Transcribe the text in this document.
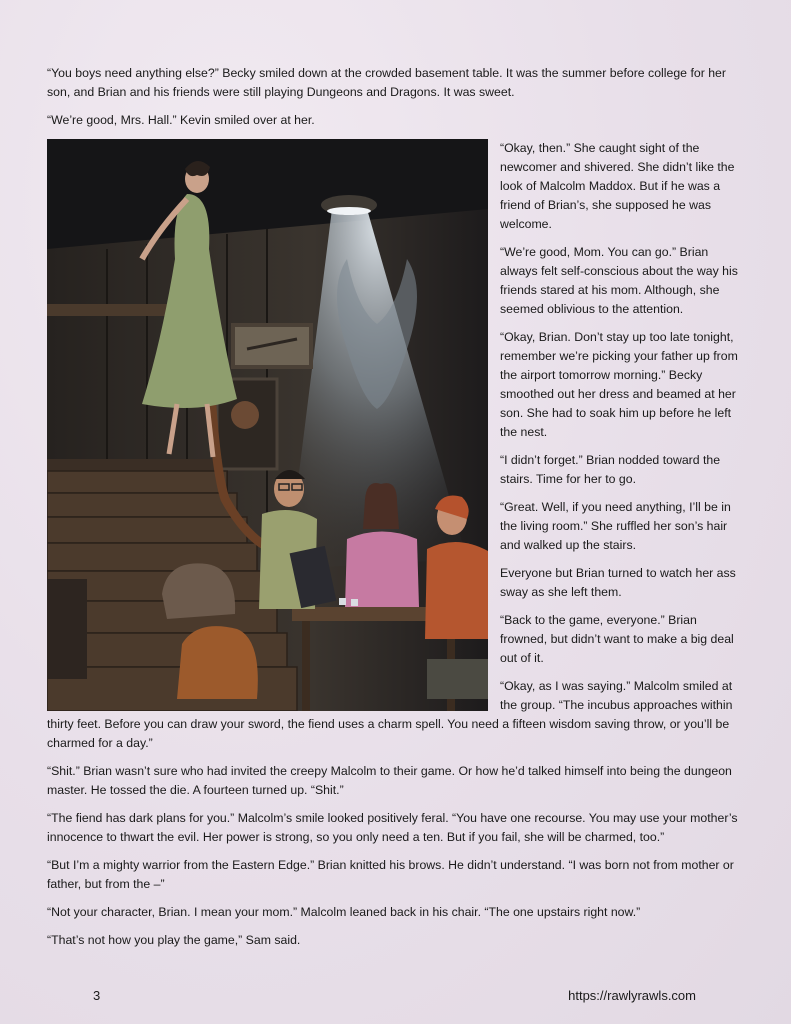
“You boys need anything else?” Becky smiled down at the crowded basement table. It was the summer before college for her son, and Brian and his friends were still playing Dungeons and Dragons. It was sweet.

“We’re good, Mrs. Hall.” Kevin smiled over at her.

“Okay, then.” She caught sight of the newcomer and shivered. She didn’t like the look of Malcolm Maddox. But if he was a friend of Brian’s, she supposed he was welcome.

“We’re good, Mom. You can go.” Brian always felt self-conscious about the way his friends stared at his mom. Although, she seemed oblivious to the attention.

“Okay, Brian. Don’t stay up too late tonight, remember we’re picking your father up from the airport tomorrow morning.” Becky smoothed out her dress and beamed at her son. She had to soak him up before he left the nest.

“I didn’t forget.” Brian nodded toward the stairs. Time for her to go.

“Great. Well, if you need anything, I’ll be in the living room.” She ruffled her son’s hair and walked up the stairs.

Everyone but Brian turned to watch her ass sway as she left them.

“Back to the game, everyone.” Brian frowned, but didn’t want to make a big deal out of it.

“Okay, as I was saying.” Malcolm smiled at the group. “The incubus approaches within thirty feet. Before you can draw your sword, the fiend uses a charm spell. You need a fifteen wisdom saving throw, or you’ll be charmed for a day.”

“Shit.” Brian wasn’t sure who had invited the creepy Malcolm to their game. Or how he’d talked himself into being the dungeon master. He tossed the die. A fourteen turned up. “Shit.”

“The fiend has dark plans for you.” Malcolm’s smile looked positively feral. “You have one recourse. You may use your mother’s innocence to thwart the evil. Her power is strong, so you only need a ten. But if you fail, she will be charmed, too.”

“But I’m a mighty warrior from the Eastern Edge.” Brian knitted his brows. He didn’t understand. “I was born not from mother or father, but from the –”

“Not your character, Brian. I mean your mom.” Malcolm leaned back in his chair. “The one upstairs right now.”

“That’s not how you play the game,” Sam said.

3	https://rawlyrawls.com
